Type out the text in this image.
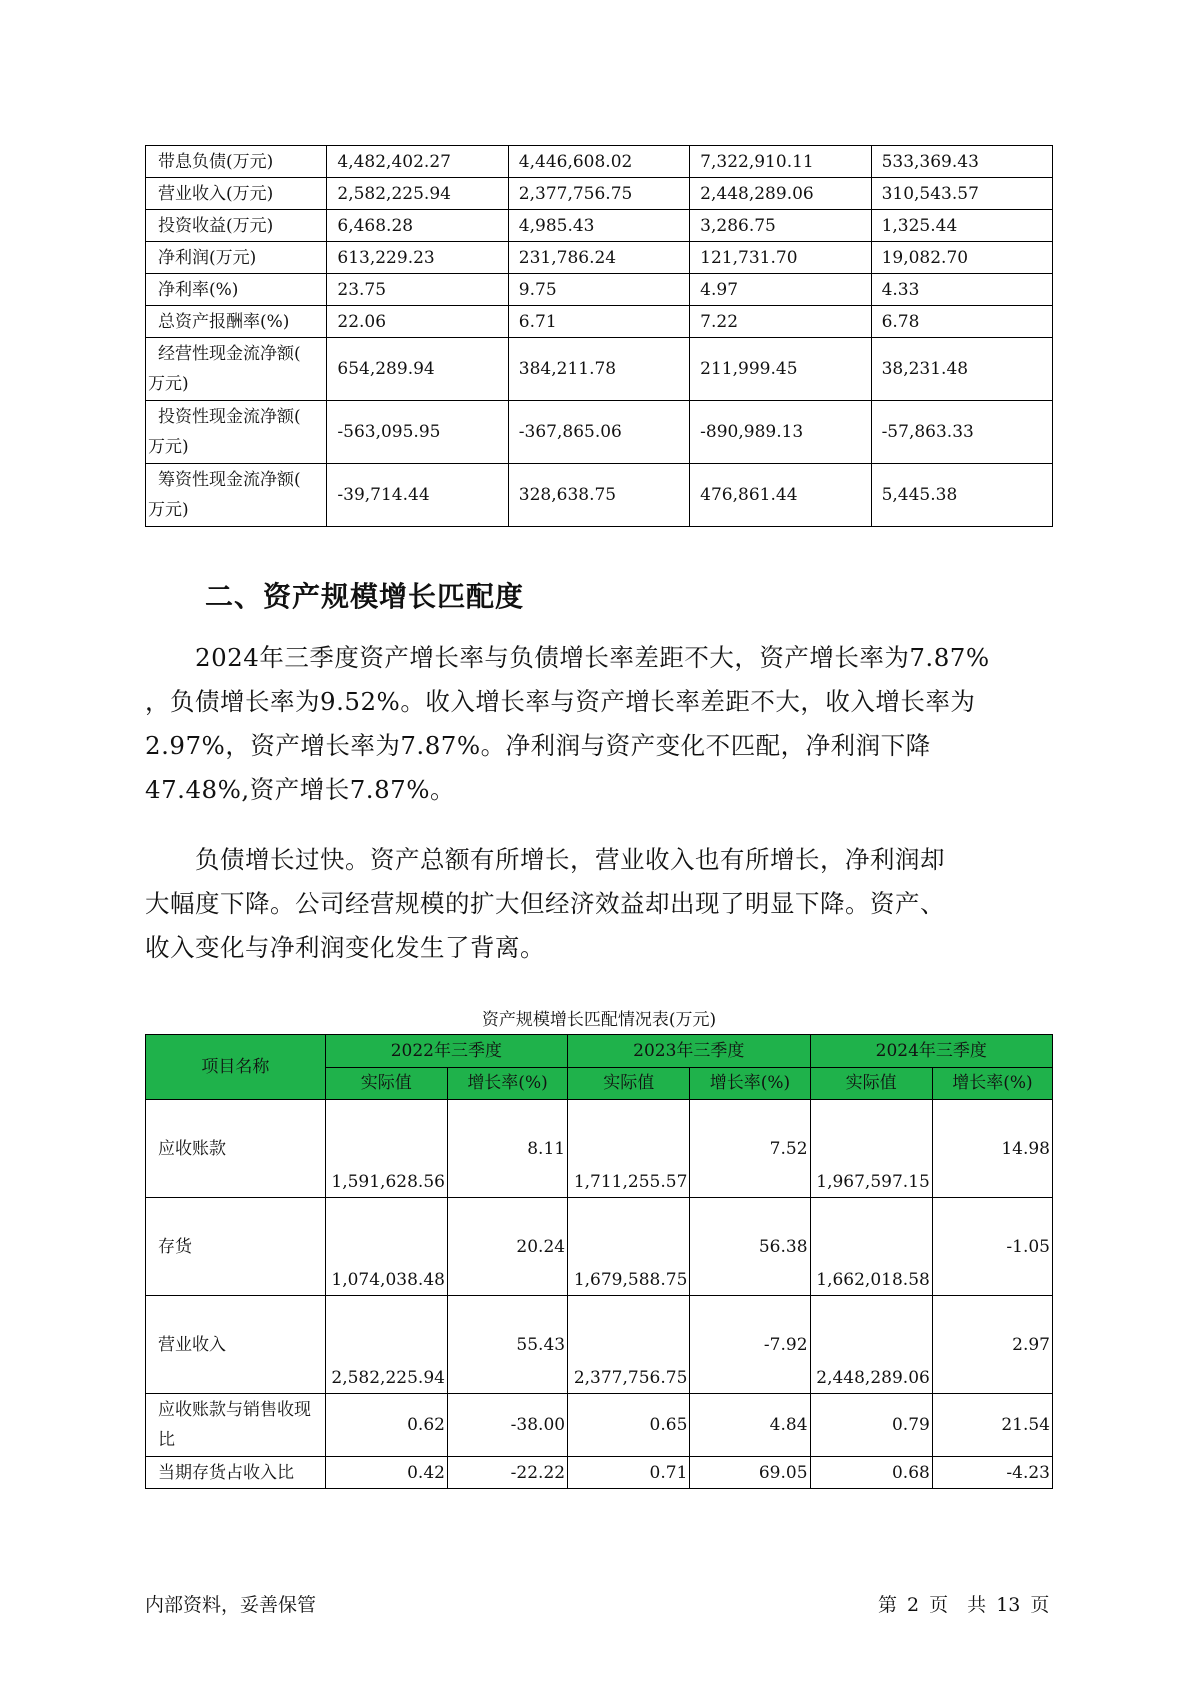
带息负债(万元)	4,482,402.27	4,446,608.02	7,322,910.11	533,369.43
营业收入(万元)	2,582,225.94	2,377,756.75	2,448,289.06	310,543.57
投资收益(万元)	6,468.28	4,985.43	3,286.75	1,325.44
净利润(万元)	613,229.23	231,786.24	121,731.70	19,082.70
净利率(%)	23.75	9.75	4.97	4.33
总资产报酬率(%)	22.06	6.71	7.22	6.78

经营性现金流净额(
万元)	654,289.94	384,211.78	211,999.45	38,231.48

投资性现金流净额(
万元)	-563,095.95	-367,865.06	-890,989.13	-57,863.33

筹资性现金流净额(
万元)	-39,714.44	328,638.75	476,861.44	5,445.38
二、资产规模增长匹配度

　　2024年三季度资产增长率与负债增长率差距不大，资产增长率为7.87%
，负债增长率为9.52%。收入增长率与资产增长率差距不大，收入增长率为
2.97%，资产增长率为7.87%。净利润与资产变化不匹配，净利润下降
47.48%,资产增长7.87%。

　　负债增长过快。资产总额有所增长，营业收入也有所增长，净利润却
大幅度下降。公司经营规模的扩大但经济效益却出现了明显下降。资产、
收入变化与净利润变化发生了背离。

资产规模增长匹配情况表(万元)

项目名称	2022年三季度		2023年三季度		2024年三季度	
	实际值	增长率(%)	实际值	增长率(%)	实际值	增长率(%)
应收账款	1,591,628.56	8.11	1,711,255.57	7.52	1,967,597.15	14.98
存货	1,074,038.48	20.24	1,679,588.75	56.38	1,662,018.58	-1.05
营业收入	2,582,225.94	55.43	2,377,756.75	-7.92	2,448,289.06	2.97
应收账款与销售收现比	0.62	-38.00	0.65	4.84	0.79	21.54
当期存货占收入比	0.42	-22.22	0.71	69.05	0.68	-4.23

内部资料，妥善保管	第 2 页　共 13 页
